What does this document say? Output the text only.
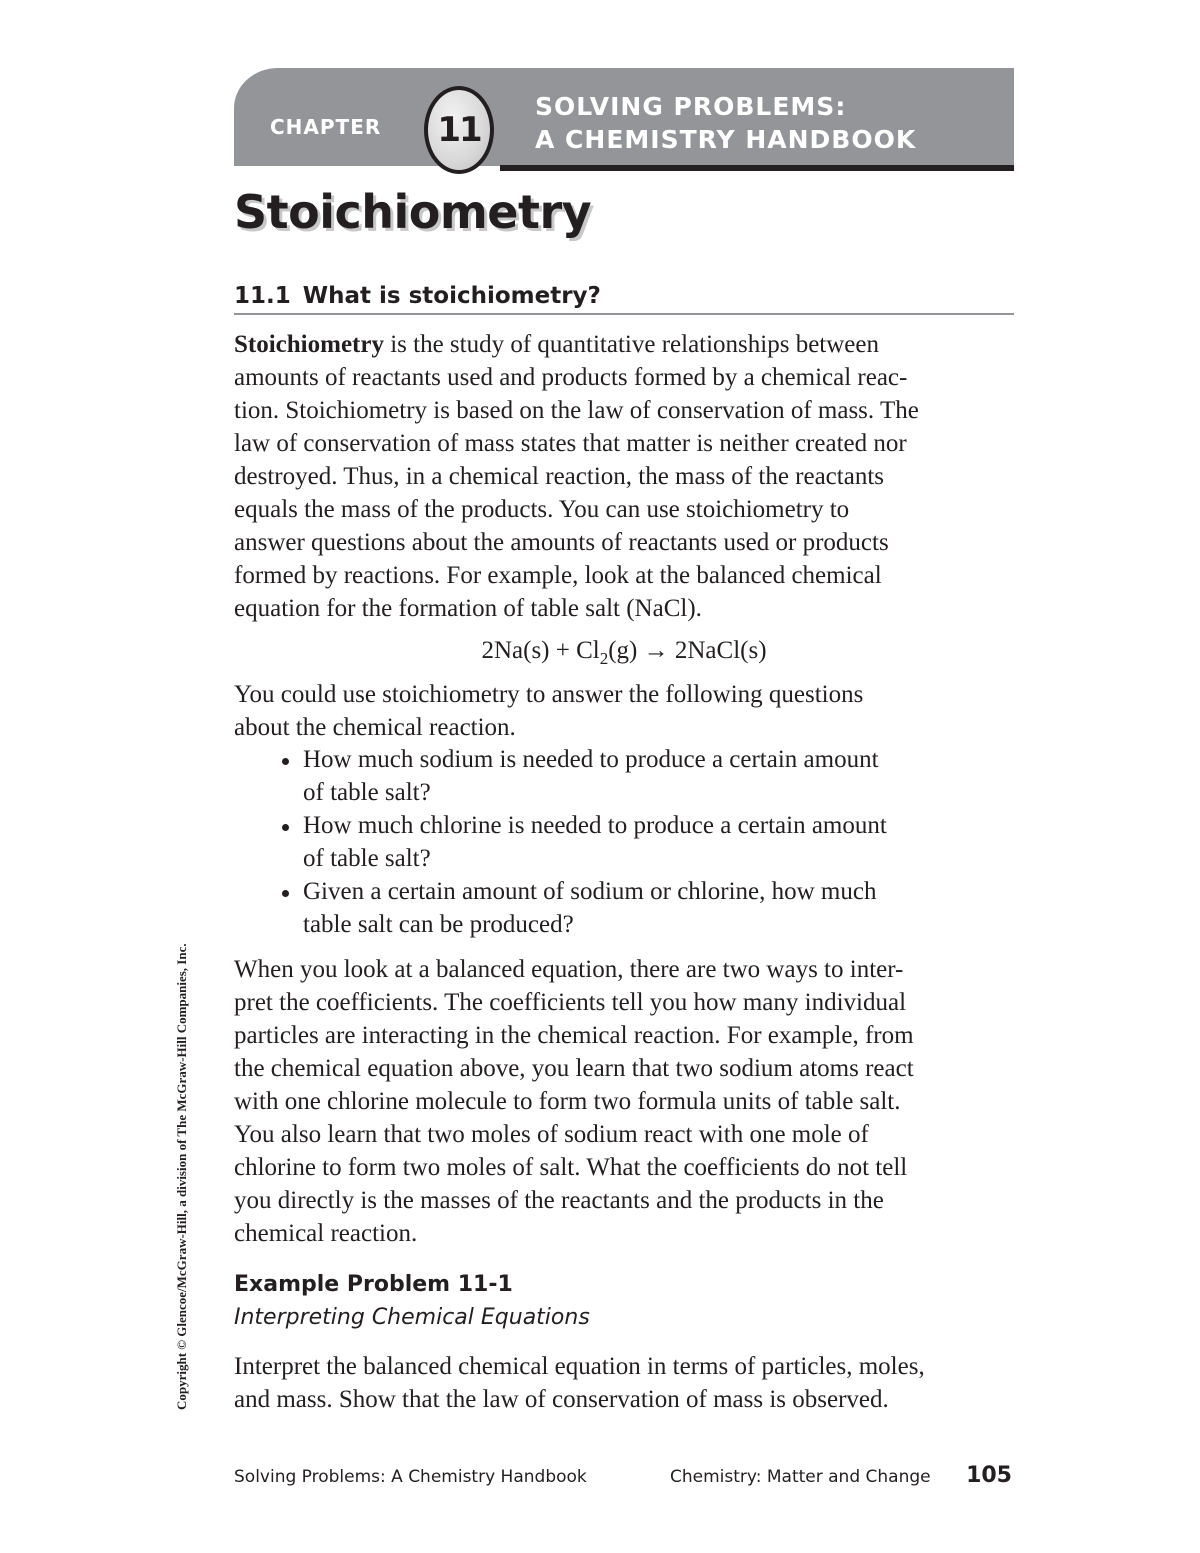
CHAPTER 11
SOLVING PROBLEMS:
A CHEMISTRY HANDBOOK
Stoichiometry
11.1 What is stoichiometry?

Stoichiometry is the study of quantitative relationships between

amounts of reactants used and products formed by a chemical reac-

tion. Stoichiometry is based on the law of conservation of mass. The

law of conservation of mass states that matter is neither created nor

destroyed. Thus, in a chemical reaction, the mass of the reactants

equals the mass of the products. You can use stoichiometry to

answer questions about the amounts of reactants used or products

formed by reactions. For example, look at the balanced chemical

equation for the formation of table salt (NaCl).

$2Na(s) + Cl_2(g)$ → 2NaCl(s)

You could use stoichiometry to answer the following questions

about the chemical reaction.

How much sodium is needed to produce a certain amount
of table salt?
How much chlorine is needed to produce a certain amount
of table salt?
Given a certain amount of sodium or chlorine, how much
table salt can be produced?

When you look at a balanced equation, there are two ways to inter-

pret the coefficients. The coefficients tell you how many individual

particles are interacting in the chemical reaction. For example, from

the chemical equation above, you learn that two sodium atoms react

with one chlorine molecule to form two formula units of table salt.

You also learn that two moles of sodium react with one mole of

chlorine to form two moles of salt. What the coefficients do not tell

you directly is the masses of the reactants and the products in the

chemical reaction.

Example Problem 11-1
Interpreting Chemical Equations

Interpret the balanced chemical equation in terms of particles, moles,

and mass. Show that the law of conservation of mass is observed.

Copyright © Glencoe/McGraw-Hill, a division of The McGraw-Hill Companies, Inc.
Solving Problems: A Chemistry Handbook	Chemistry: Matter and Change 105
